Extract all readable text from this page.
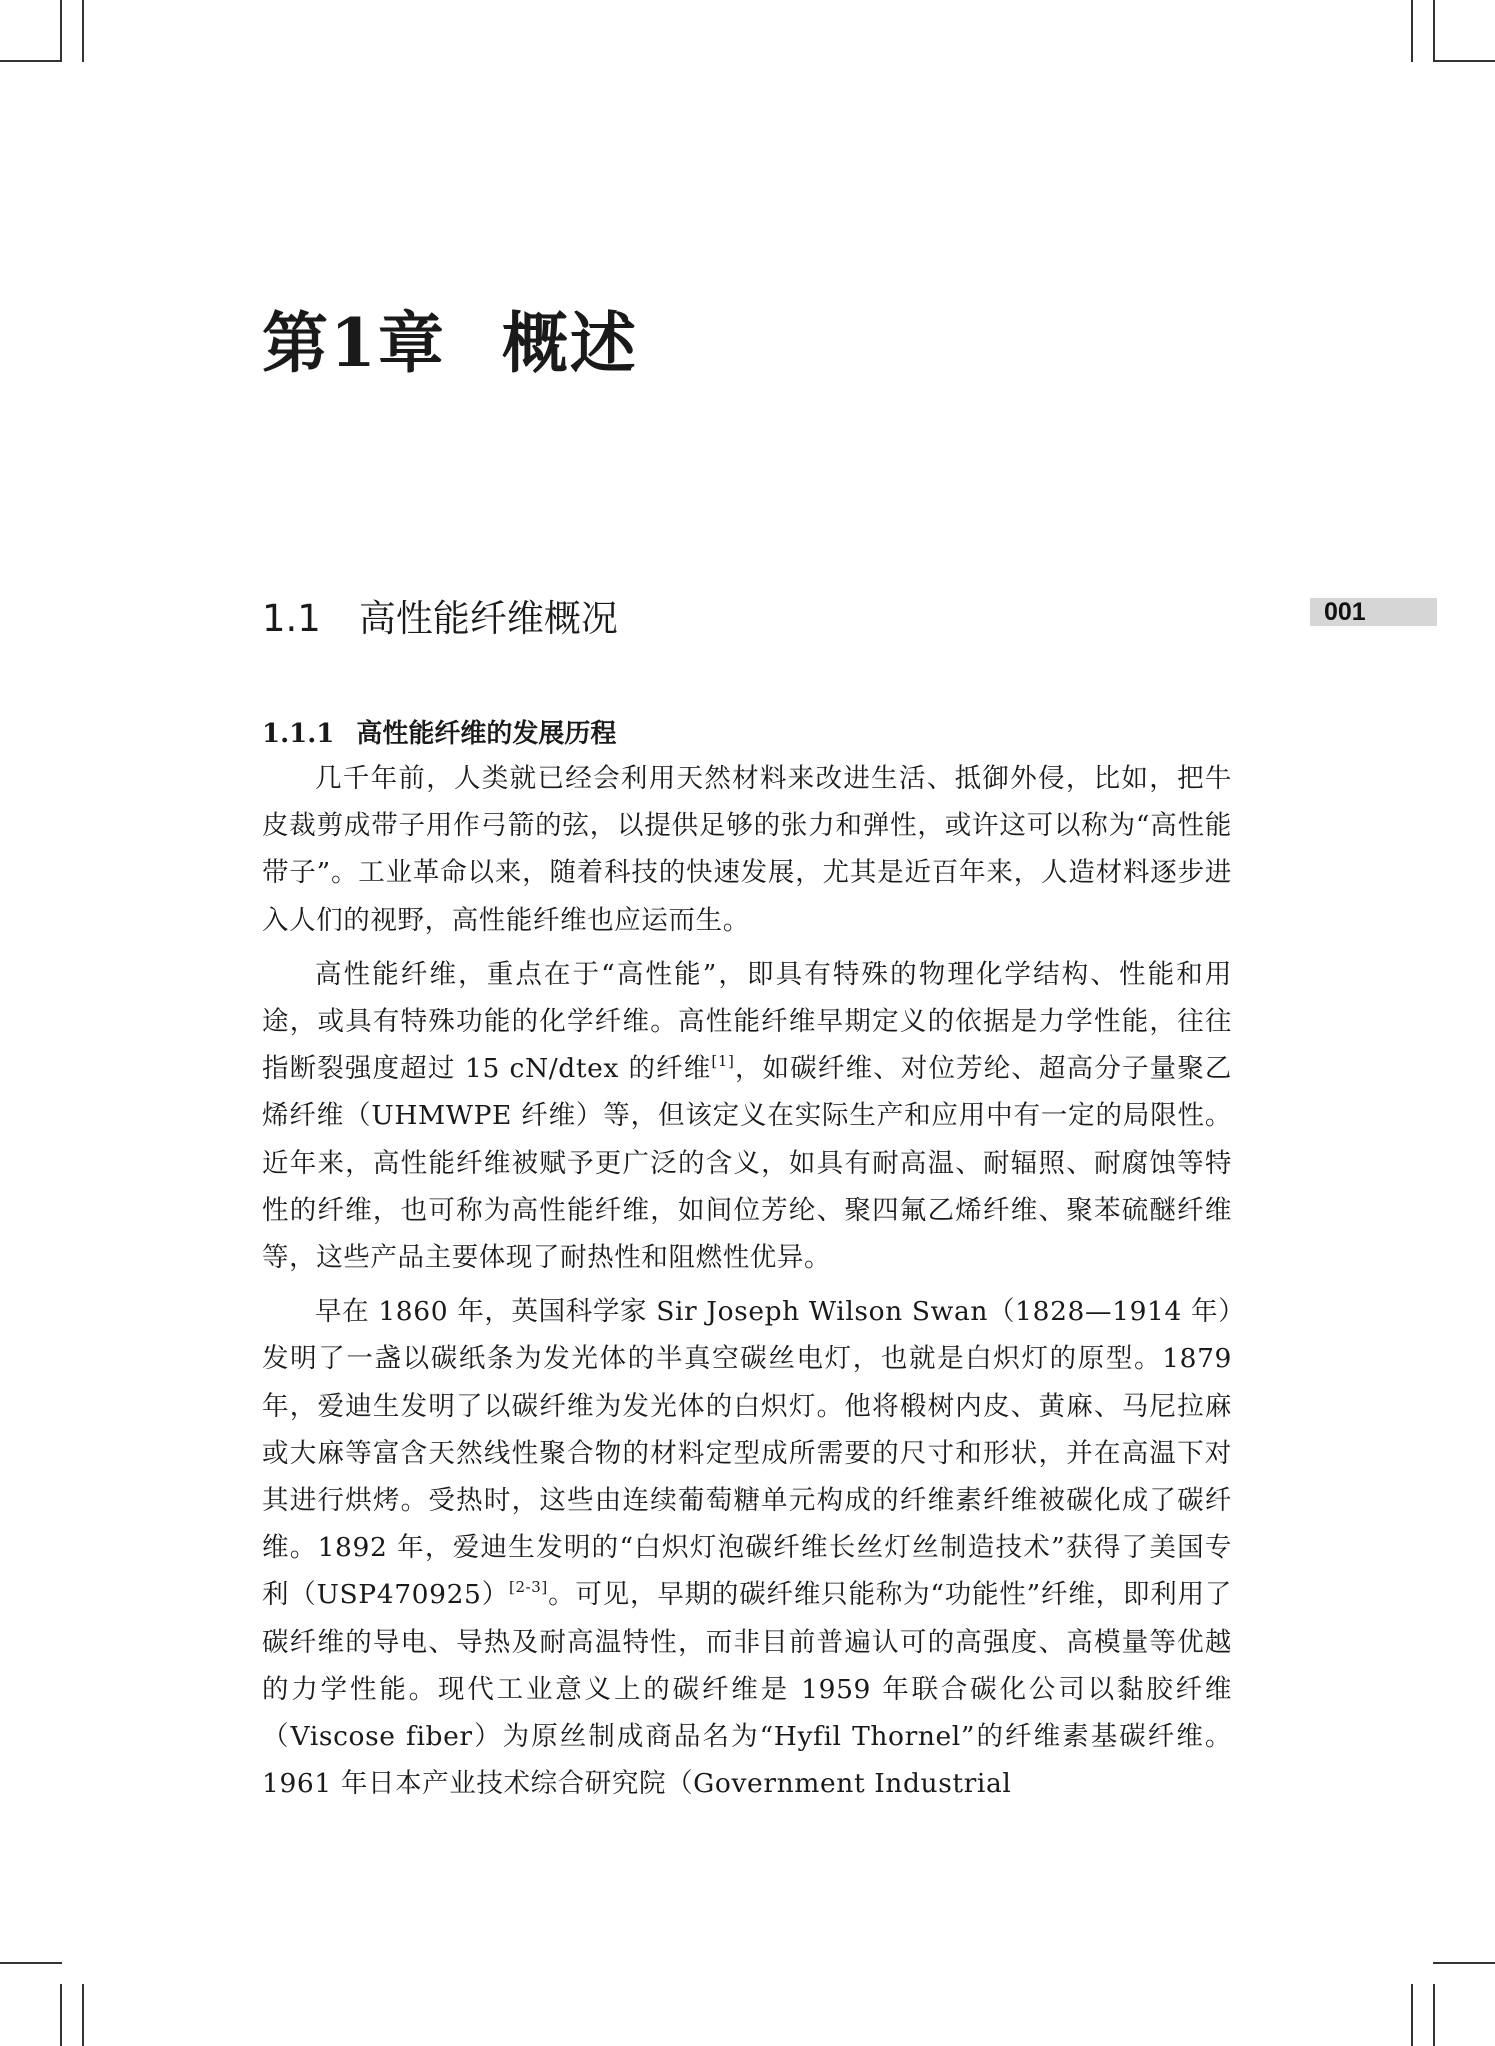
第1章 概述
1.1 高性能纤维概况	001
1.1.1 高性能纤维的发展历程

几千年前，人类就已经会利用天然材料来改进生活、抵御外侵，比如，把牛皮裁剪成带子用作弓箭的弦，以提供足够的张力和弹性，或许这可以称为“高性能带子”。工业革命以来，随着科技的快速发展，尤其是近百年来，人造材料逐步进入人们的视野，高性能纤维也应运而生。

高性能纤维，重点在于“高性能”，即具有特殊的物理化学结构、性能和用途，或具有特殊功能的化学纤维。高性能纤维早期定义的依据是力学性能，往往指断裂强度超过 15 cN/dtex 的纤维[1]，如碳纤维、对位芳纶、超高分子量聚乙烯纤维（UHMWPE 纤维）等，但该定义在实际生产和应用中有一定的局限性。近年来，高性能纤维被赋予更广泛的含义，如具有耐高温、耐辐照、耐腐蚀等特性的纤维，也可称为高性能纤维，如间位芳纶、聚四氟乙烯纤维、聚苯硫醚纤维等，这些产品主要体现了耐热性和阻燃性优异。

早在 1860 年，英国科学家 Sir Joseph Wilson Swan（1828—1914 年）发明了一盏以碳纸条为发光体的半真空碳丝电灯，也就是白炽灯的原型。1879年，爱迪生发明了以碳纤维为发光体的白炽灯。他将椴树内皮、黄麻、马尼拉麻或大麻等富含天然线性聚合物的材料定型成所需要的尺寸和形状，并在高温下对其进行烘烤。受热时，这些由连续葡萄糖单元构成的纤维素纤维被碳化成了碳纤维。1892 年，爱迪生发明的“白炽灯泡碳纤维长丝灯丝制造技术”获得了美国专利（USP470925）[2-3]。可见，早期的碳纤维只能称为“功能性”纤维，即利用了碳纤维的导电、导热及耐高温特性，而非目前普遍认可的高强度、高模量等优越的力学性能。现代工业意义上的碳纤维是 1959 年联合碳化公司以黏胶纤维（Viscose fiber）为原丝制成商品名为“Hyfil Thornel”的纤维素基碳纤维。1961 年日本产业技术综合研究院（Government Industrial
